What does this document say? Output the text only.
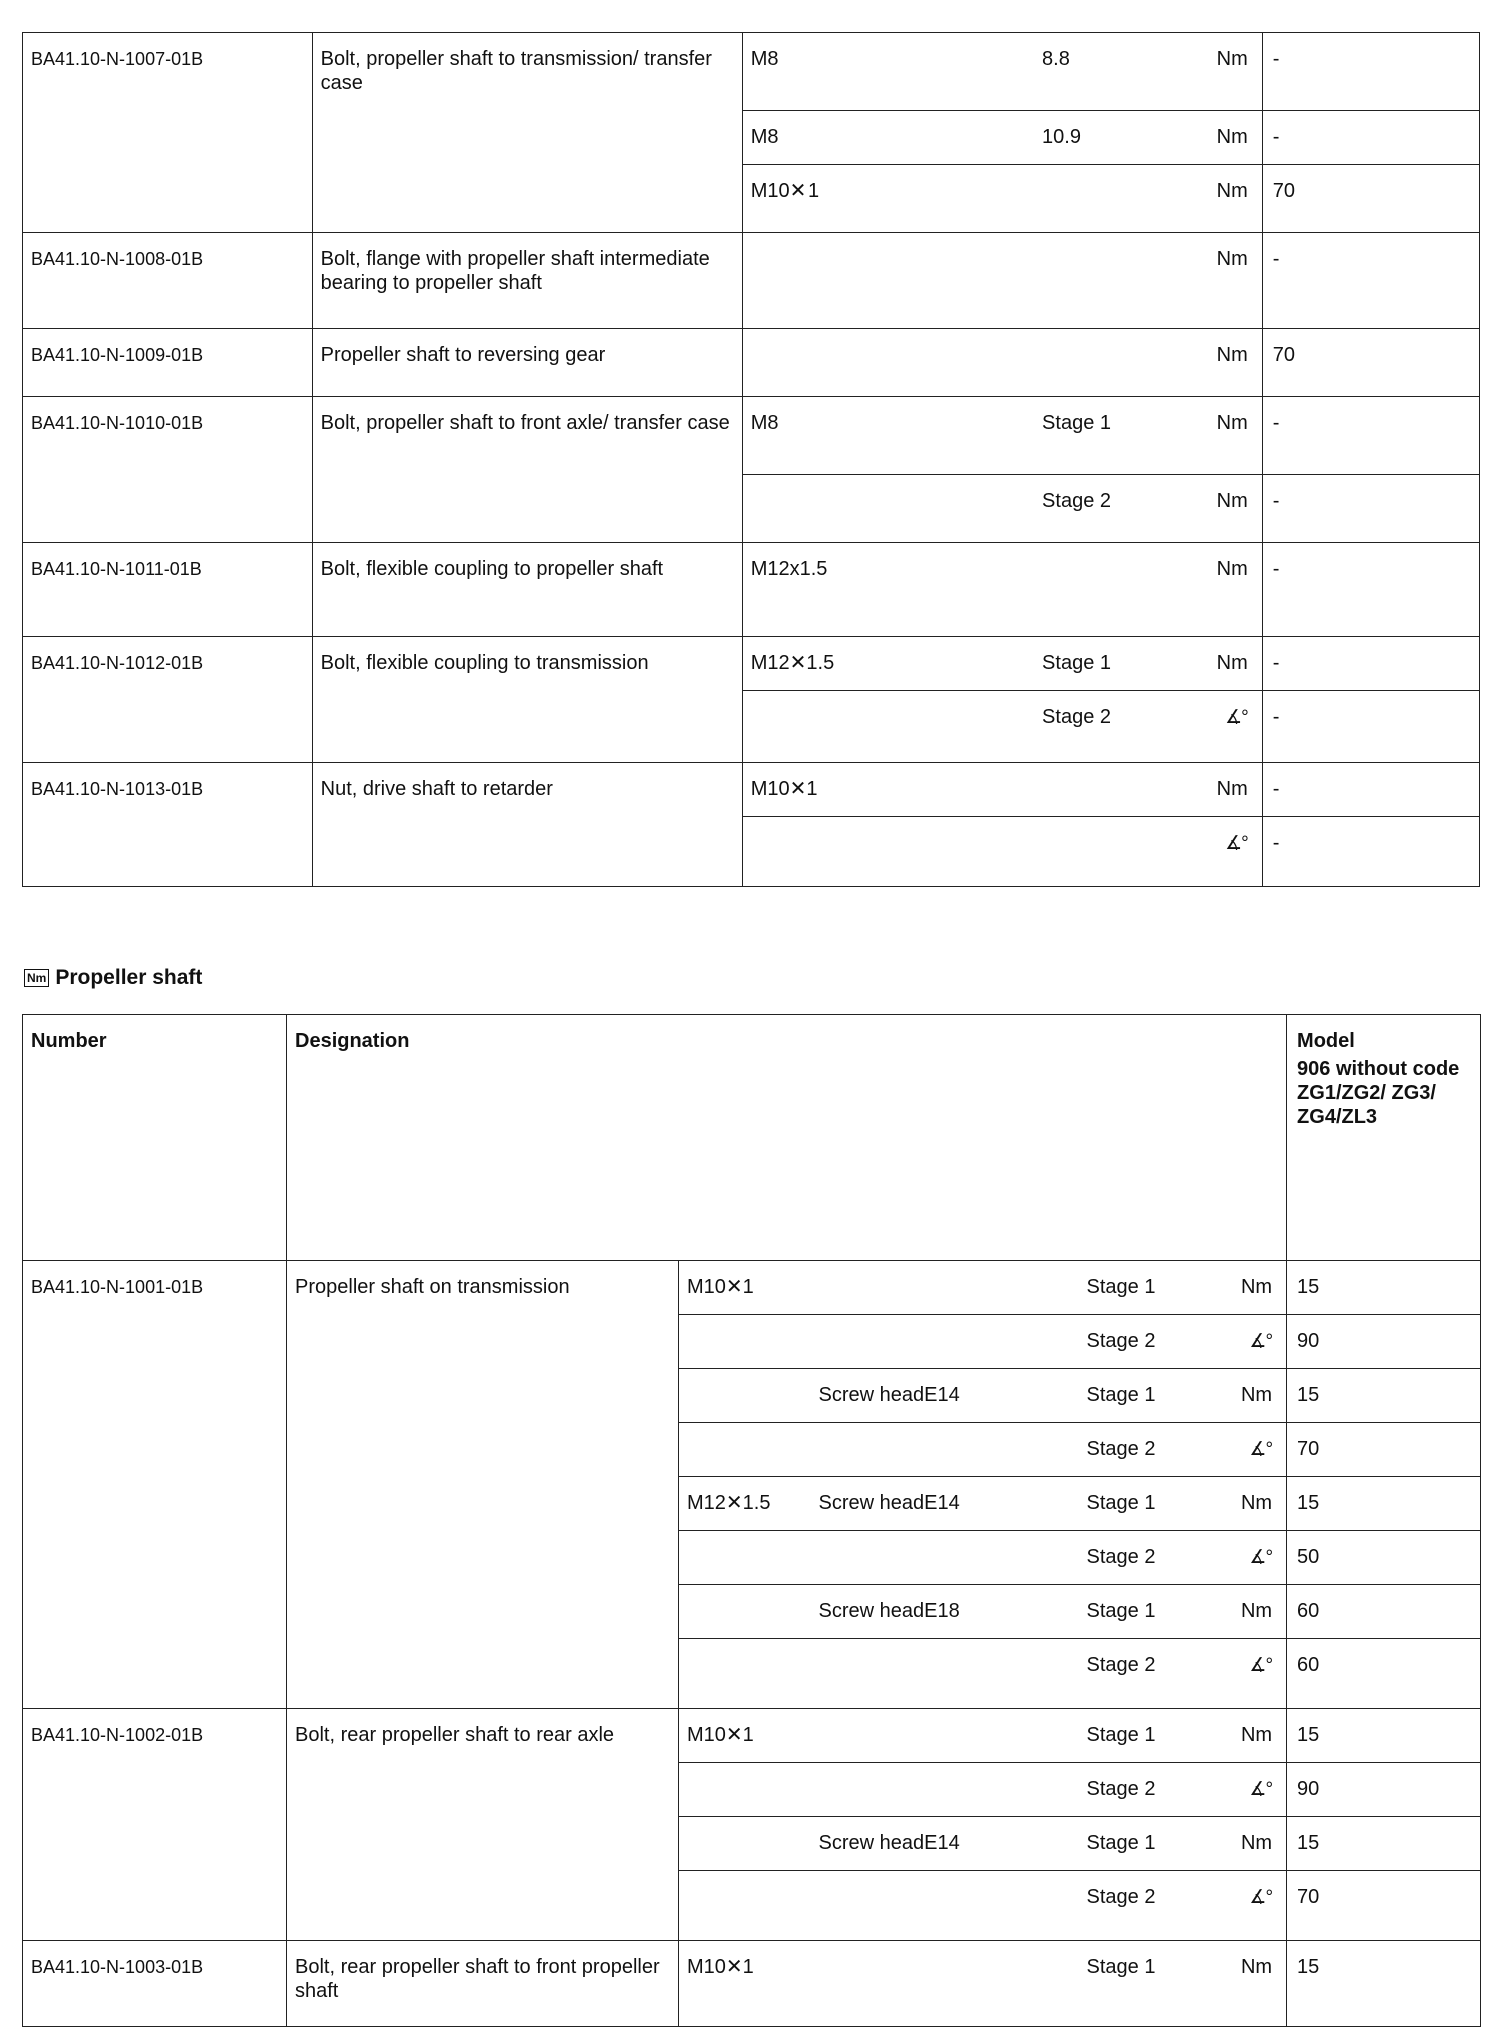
BA41.10-N-1007-01B	Bolt, propeller shaft to transmission/ transfer case	M8		8.8	Nm	-
		M8		10.9	Nm	-
		M10✕ 1			Nm	70
BA41.10-N-1008-01B	Bolt, flange with propeller shaft intermediate bearing to propeller shaft				Nm	-
BA41.10-N-1009-01B	Propeller shaft to reversing gear				Nm	70
BA41.10-N-1010-01B	Bolt, propeller shaft to front axle/ transfer case	M8		Stage 1	Nm	-
				Stage 2	Nm	-
BA41.10-N-1011-01B	Bolt, flexible coupling to propeller shaft	M12x1.5			Nm	-
BA41.10-N-1012-01B	Bolt, flexible coupling to transmission	M12✕1.5		Stage 1	Nm	-
				Stage 2	∡°	-
BA41.10-N-1013-01B	Nut, drive shaft to retarder	M10✕1			Nm	-
					∡°	-
Nm Propeller shaft
Number	Designation					Model
906 without code ZG1/ZG2/ ZG3/
ZG4/ZL3

BA41.10-N-1001-01B	Propeller shaft on transmission	M10✕1		Stage 1	Nm	15
				Stage 2	∡°	90
			Screw headE14	Stage 1	Nm	15
				Stage 2	∡°	70
		M12✕1.5	Screw headE14	Stage 1	Nm	15
				Stage 2	∡°	50
			Screw headE18	Stage 1	Nm	60
				Stage 2	∡°	60
BA41.10-N-1002-01B	Bolt, rear propeller shaft to rear axle	M10✕1		Stage 1	Nm	15
				Stage 2	∡°	90
			Screw headE14	Stage 1	Nm	15
				Stage 2	∡°	70
BA41.10-N-1003-01B	Bolt, rear propeller shaft to front propeller shaft	M10✕1		Stage 1	Nm	15
